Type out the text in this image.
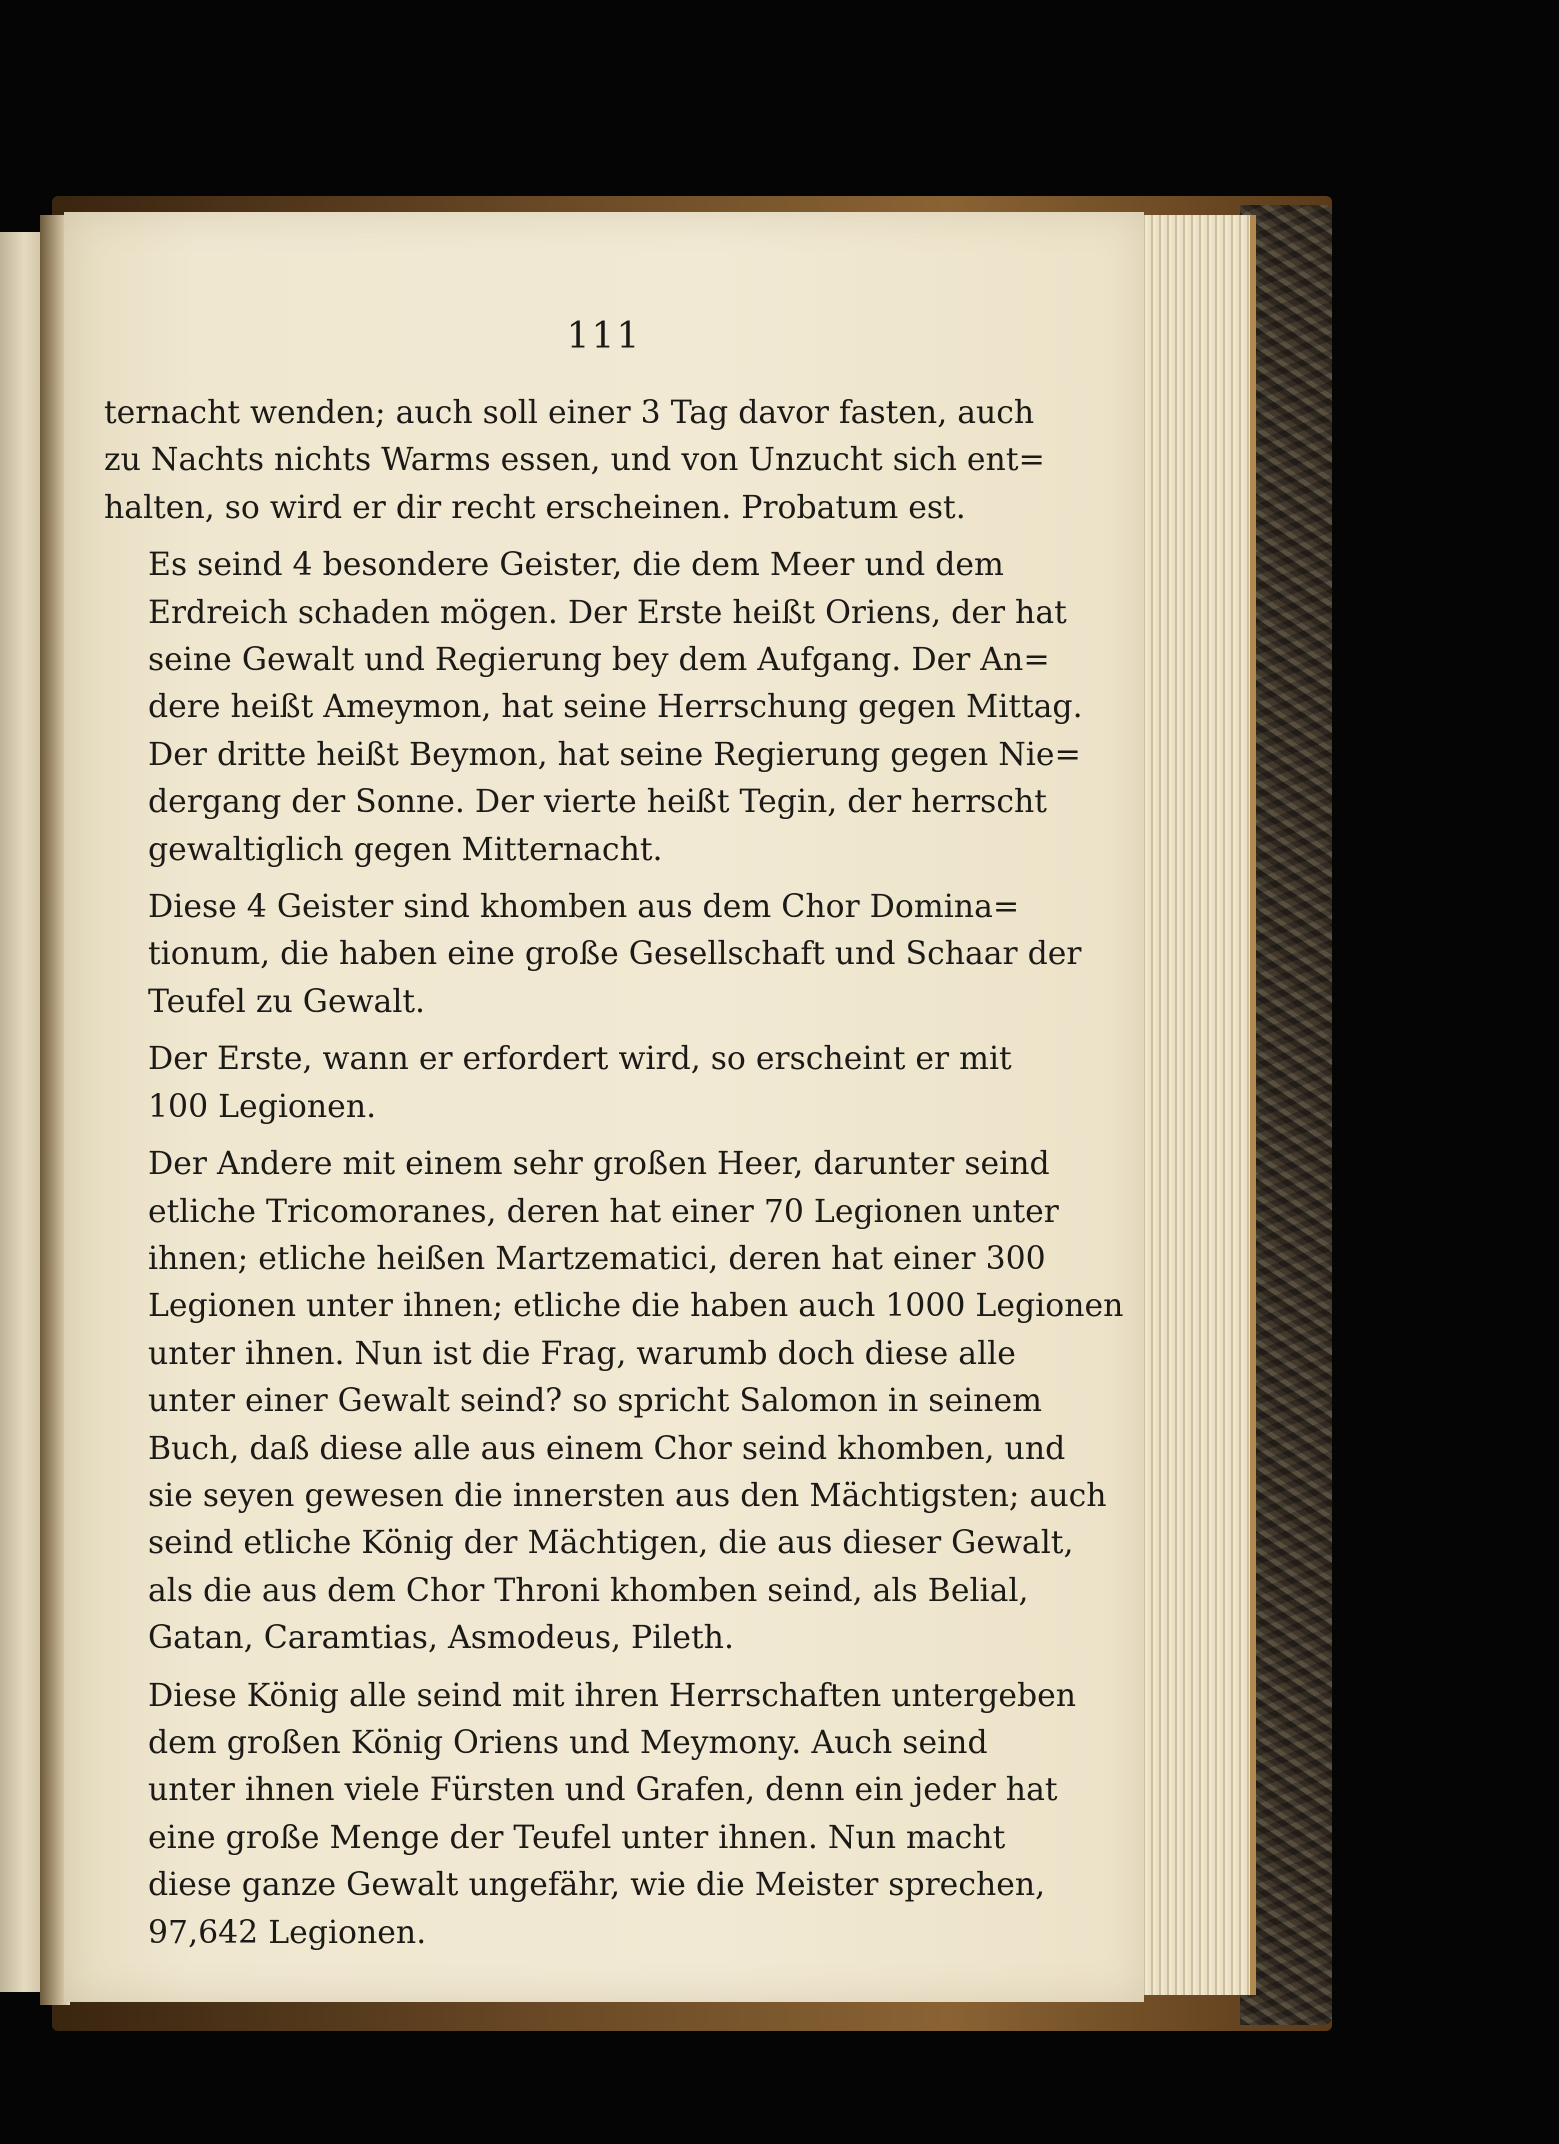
111

ternacht wenden; auch soll einer 3 Tag davor fasten, auch
zu Nachts nichts Warms essen, und von Unzucht sich ent=
halten, so wird er dir recht erscheinen. Probatum est.

Es seind 4 besondere Geister, die dem Meer und dem
Erdreich schaden mögen. Der Erste heißt Oriens, der hat
seine Gewalt und Regierung bey dem Aufgang. Der An=
dere heißt Ameymon, hat seine Herrschung gegen Mittag.
Der dritte heißt Beymon, hat seine Regierung gegen Nie=
dergang der Sonne. Der vierte heißt Tegin, der herrscht
gewaltiglich gegen Mitternacht.

Diese 4 Geister sind khomben aus dem Chor Domina=
tionum, die haben eine große Gesellschaft und Schaar der
Teufel zu Gewalt.

Der Erste, wann er erfordert wird, so erscheint er mit
100 Legionen.

Der Andere mit einem sehr großen Heer, darunter seind
etliche Tricomoranes, deren hat einer 70 Legionen unter
ihnen; etliche heißen Martzematici, deren hat einer 300
Legionen unter ihnen; etliche die haben auch 1000 Legionen
unter ihnen. Nun ist die Frag, warumb doch diese alle
unter einer Gewalt seind? so spricht Salomon in seinem
Buch, daß diese alle aus einem Chor seind khomben, und
sie seyen gewesen die innersten aus den Mächtigsten; auch
seind etliche König der Mächtigen, die aus dieser Gewalt,
als die aus dem Chor Throni khomben seind, als Belial,
Gatan, Caramtias, Asmodeus, Pileth.

Diese König alle seind mit ihren Herrschaften untergeben
dem großen König Oriens und Meymony. Auch seind
unter ihnen viele Fürsten und Grafen, denn ein jeder hat
eine große Menge der Teufel unter ihnen. Nun macht
diese ganze Gewalt ungefähr, wie die Meister sprechen,
97,642 Legionen.
